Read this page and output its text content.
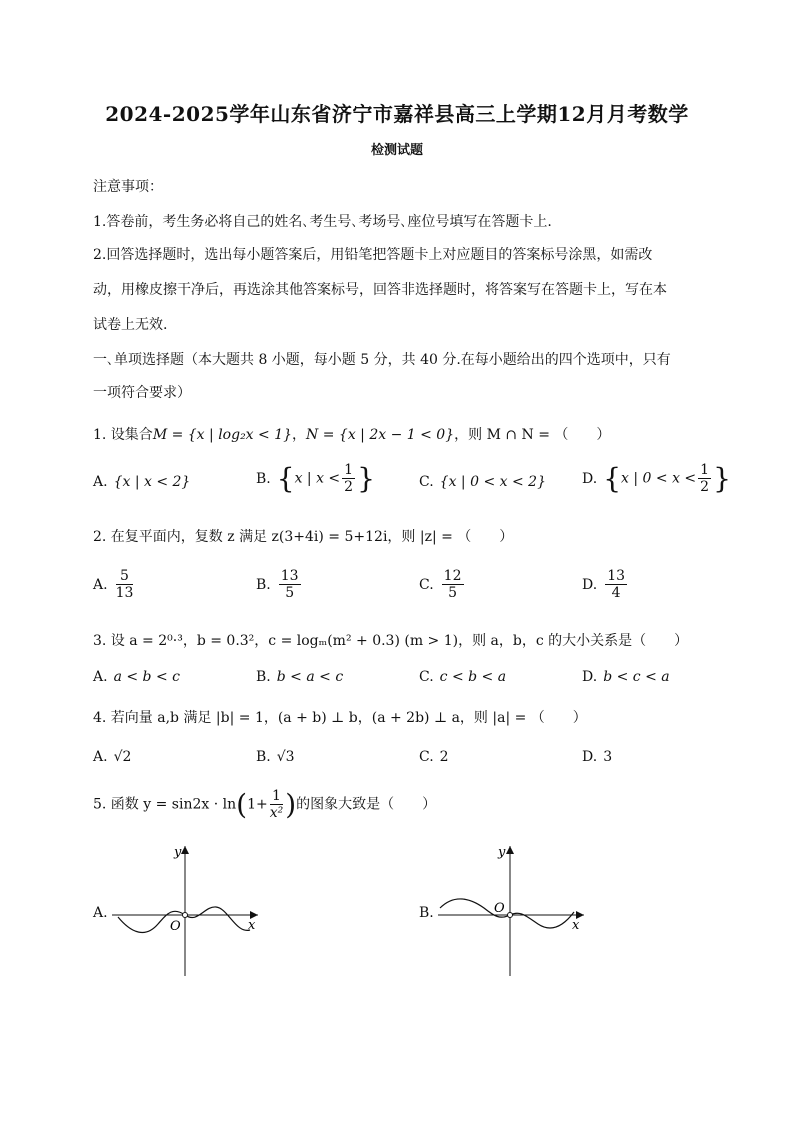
2024-2025学年山东省济宁市嘉祥县高三上学期12月月考数学
检测试题
注意事项：
1.答卷前，考生务必将自己的姓名､考生号､考场号､座位号填写在答题卡上.
2.回答选择题时，选出每小题答案后，用铅笔把答题卡上对应题目的答案标号涂黑，如需改
动，用橡皮擦干净后，再选涂其他答案标号，回答非选择题时，将答案写在答题卡上，写在本
试卷上无效.
一､单项选择题（本大题共 8 小题，每小题 5 分，共 40 分.在每小题给出的四个选项中，只有
一项符合要求）
1. 设集合M = {x | log₂x < 1}，N = {x | 2x − 1 < 0}，则 M ∩ N = （　　）
A. {x | x < 2}	B. {x | $x < \frac{1}{2}$ }	C. {x | 0 < x < 2}	D. {x | $0 < x < \frac{1}{2}$ }
2. 在复平面内，复数 z 满足 z(3+4i) = 5+12i，则 |z| = （　　）
A. $\frac{5}{13}$	B. $\frac{13}{5}$	C. $\frac{12}{5}$	D. $\frac{13}{4}$
3. 设 a = 2⁰·³，b = 0.3²，c = logₘ(m² + 0.3) (m > 1)，则 a，b，c 的大小关系是（　　）
A. a < b < c	B. b < a < c	C. c < b < a	D. b < c < a
4. 若向量 a,b 满足 |b| = 1，(a + b) ⊥ b，(a + 2b) ⊥ a，则 |a| = （　　）
A. √2	B. √3	C. 2	D. 3
5. 函数 $y = \sin 2x \cdot \ln(1+ \frac{1}{\text{x²}}$ )的图象大致是（　　）
A.
O	x
y
B.	O
x
y
